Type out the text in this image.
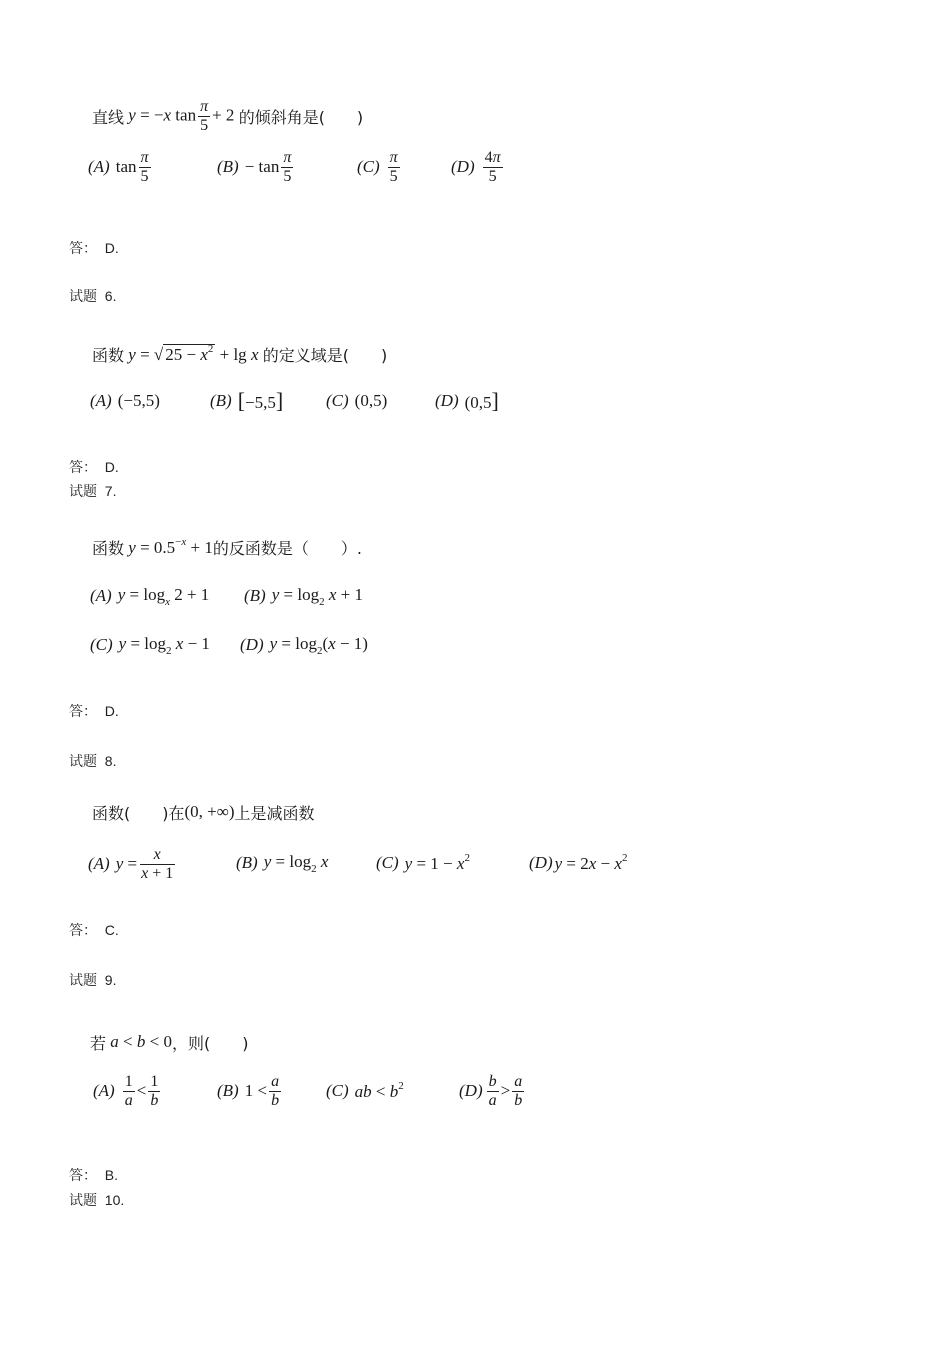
直线 y = −x $\tan \frac{\pi}{5} + 2$ 的倾斜角是(　　)
(A) $\tan \frac{\pi}{5}$	$(B) - \tan \frac{\pi}{5}$	$(C) \frac{\pi}{5}$	$(D) \frac{4\pi}{5}$
答： D.
试题 6.
函数 y = √ $25 - x^2 + \lg x$ 的定义域是(　　)
(A) (−5,5)	(B) [−5,5]	(C) (0,5)	(D) (0,5]
答： D.
试题 7.
函数 $y = 0.5^{-x} + 1$ 的反函数是（　　）.
(A) $y = \log_x 2 + 1$ (B) $y = \log_2 x + 1$
(C) $y = \log_2 x - 1$ (D) $y = \log_2(x - 1)$
答： D.
试题 8.
函数(　　)在 (0, +∞) 上是减函数
(A) $y = \frac{x}{x + 1}$	(B) $y = \log_2 x$	(C) $y = 1 - x^2$	(D) $y = 2x - x^2$
答： C.
试题 9.
若 a < b < 0 ，则(　　)
$(A) \frac{1}{a} < \frac{1}{b}$	(B) $1 < \frac{a}{b}$	(C) ab < $b^2$	$(D) \frac{b}{a} > \frac{a}{b}$
答： B.
试题 10.
